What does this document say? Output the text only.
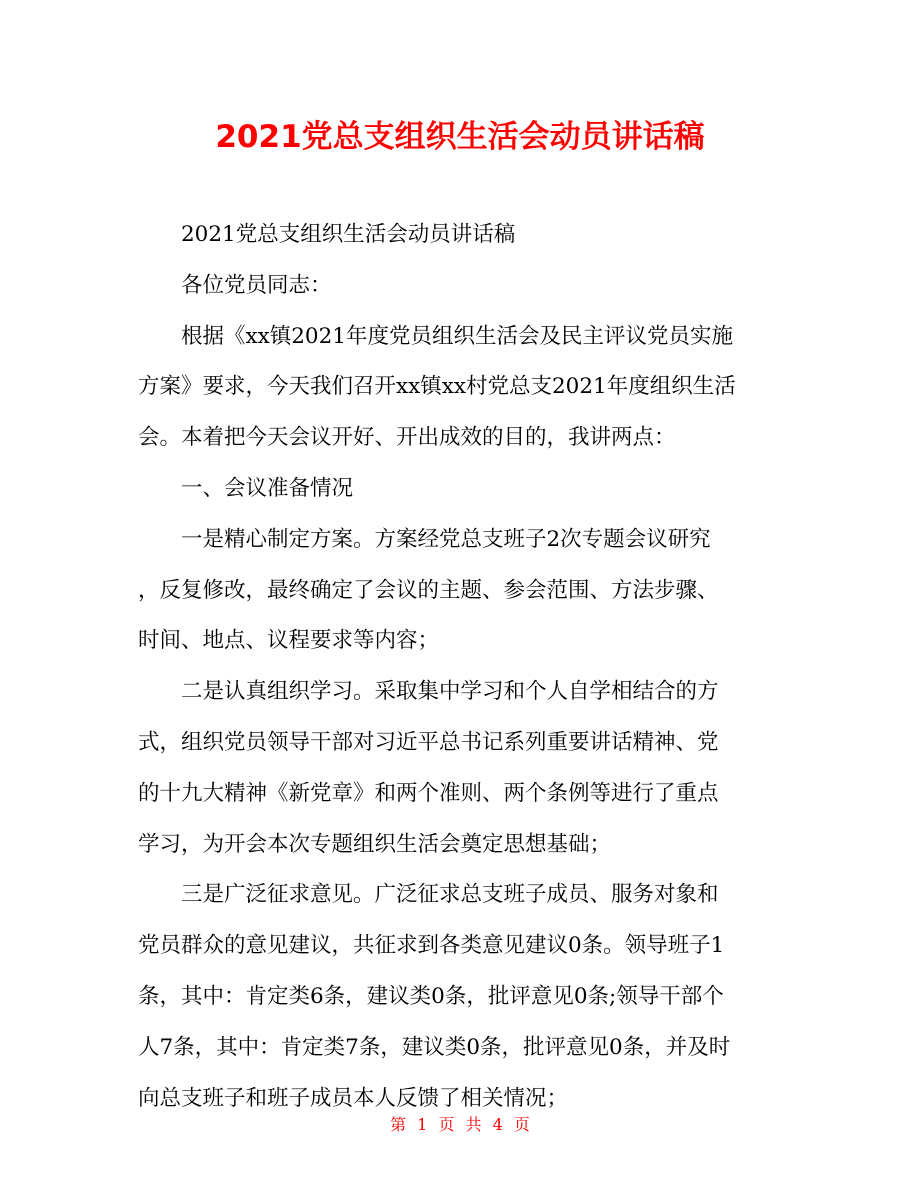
2021党总支组织生活会动员讲话稿
2021党总支组织生活会动员讲话稿
各位党员同志：
根据《xx镇2021年度党员组织生活会及民主评议党员实施
方案》要求，今天我们召开xx镇xx村党总支2021年度组织生活
会。本着把今天会议开好、开出成效的目的，我讲两点：
一、会议准备情况
一是精心制定方案。方案经党总支班子2次专题会议研究
，反复修改，最终确定了会议的主题、参会范围、方法步骤、
时间、地点、议程要求等内容；
二是认真组织学习。采取集中学习和个人自学相结合的方
式，组织党员领导干部对习近平总书记系列重要讲话精神、党
的十九大精神《新党章》和两个准则、两个条例等进行了重点
学习，为开会本次专题组织生活会奠定思想基础；
三是广泛征求意见。广泛征求总支班子成员、服务对象和
党员群众的意见建议，共征求到各类意见建议0条。领导班子1
条，其中：肯定类6条，建议类0条，批评意见0条;领导干部个
人7条，其中：肯定类7条，建议类0条，批评意见0条，并及时
向总支班子和班子成员本人反馈了相关情况；
第 1 页 共 4 页
